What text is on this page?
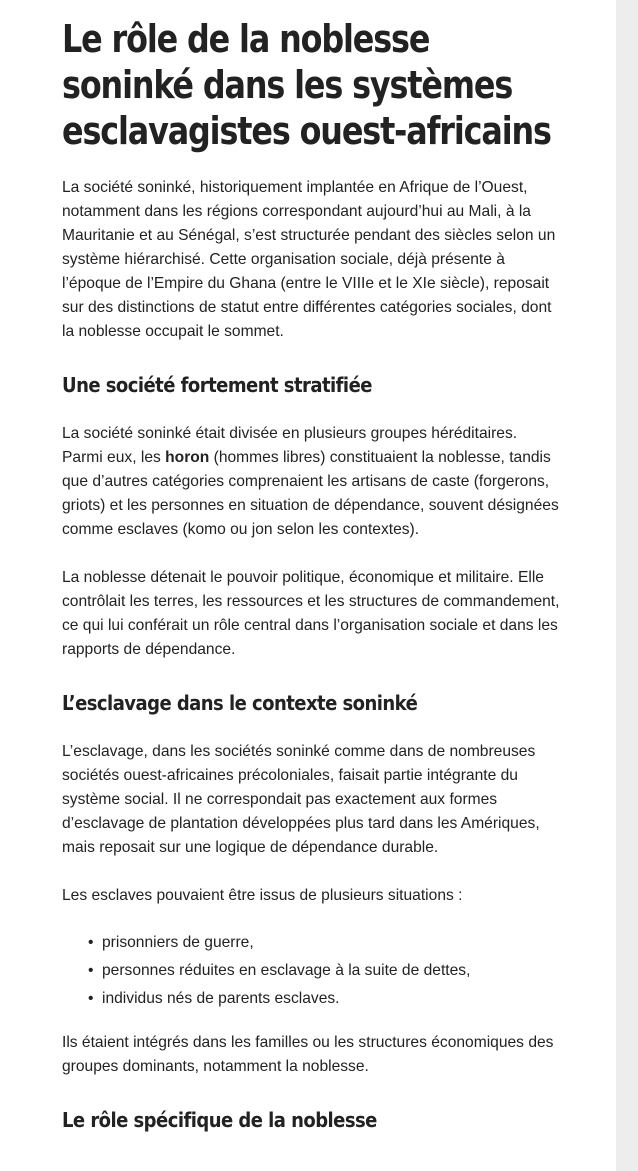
Le rôle de la noblesse soninké dans les systèmes esclavagistes ouest-africains

La société soninké, historiquement implantée en Afrique de l’Ouest, notamment dans les régions correspondant aujourd’hui au Mali, à la Mauritanie et au Sénégal, s’est structurée pendant des siècles selon un système hiérarchisé. Cette organisation sociale, déjà présente à l’époque de l’Empire du Ghana (entre le VIIIe et le XIe siècle), reposait sur des distinctions de statut entre différentes catégories sociales, dont la noblesse occupait le sommet.

Une société fortement stratifiée

La société soninké était divisée en plusieurs groupes héréditaires. Parmi eux, les horon (hommes libres) constituaient la noblesse, tandis que d’autres catégories comprenaient les artisans de caste (forgerons, griots) et les personnes en situation de dépendance, souvent désignées comme esclaves (komo ou jon selon les contextes).

La noblesse détenait le pouvoir politique, économique et militaire. Elle contrôlait les terres, les ressources et les structures de commandement, ce qui lui conférait un rôle central dans l’organisation sociale et dans les rapports de dépendance.

L’esclavage dans le contexte soninké

L’esclavage, dans les sociétés soninké comme dans de nombreuses sociétés ouest-africaines précoloniales, faisait partie intégrante du système social. Il ne correspondait pas exactement aux formes d’esclavage de plantation développées plus tard dans les Amériques, mais reposait sur une logique de dépendance durable.

Les esclaves pouvaient être issus de plusieurs situations :

• prisonniers de guerre,
• personnes réduites en esclavage à la suite de dettes,
• individus nés de parents esclaves.

Ils étaient intégrés dans les familles ou les structures économiques des groupes dominants, notamment la noblesse.

Le rôle spécifique de la noblesse
